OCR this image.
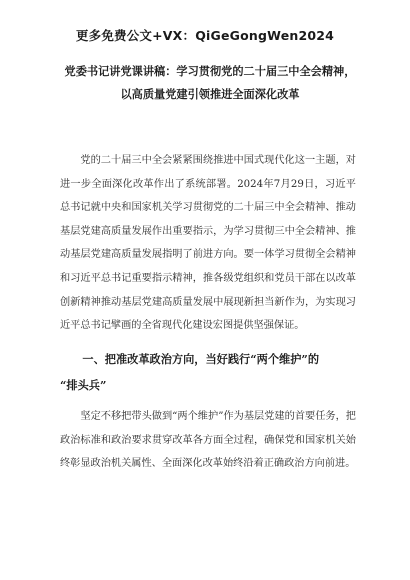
更多免费公文+VX：QiGeGongWen2024
党委书记讲党课讲稿：学习贯彻党的二十届三中全会精神，
以高质量党建引领推进全面深化改革

党的二十届三中全会紧紧围绕推进中国式现代化这一主题，对进一步全面深化改革作出了系统部署。2024年7月29日，习近平总书记就中央和国家机关学习贯彻党的二十届三中全会精神、推动基层党建高质量发展作出重要指示，为学习贯彻三中全会精神、推动基层党建高质量发展指明了前进方向。要一体学习贯彻全会精神和习近平总书记重要指示精神，推各级党组织和党员干部在以改革创新精神推动基层党建高质量发展中展现新担当新作为，为实现习近平总书记擘画的全省现代化建设宏图提供坚强保证。

一、把准改革政治方向，当好践行“两个维护”的
“排头兵”

坚定不移把带头做到“两个维护”作为基层党建的首要任务，把政治标准和政治要求贯穿改革各方面全过程，确保党和国家机关始终彰显政治机关属性、全面深化改革始终沿着正确政治方向前进。
